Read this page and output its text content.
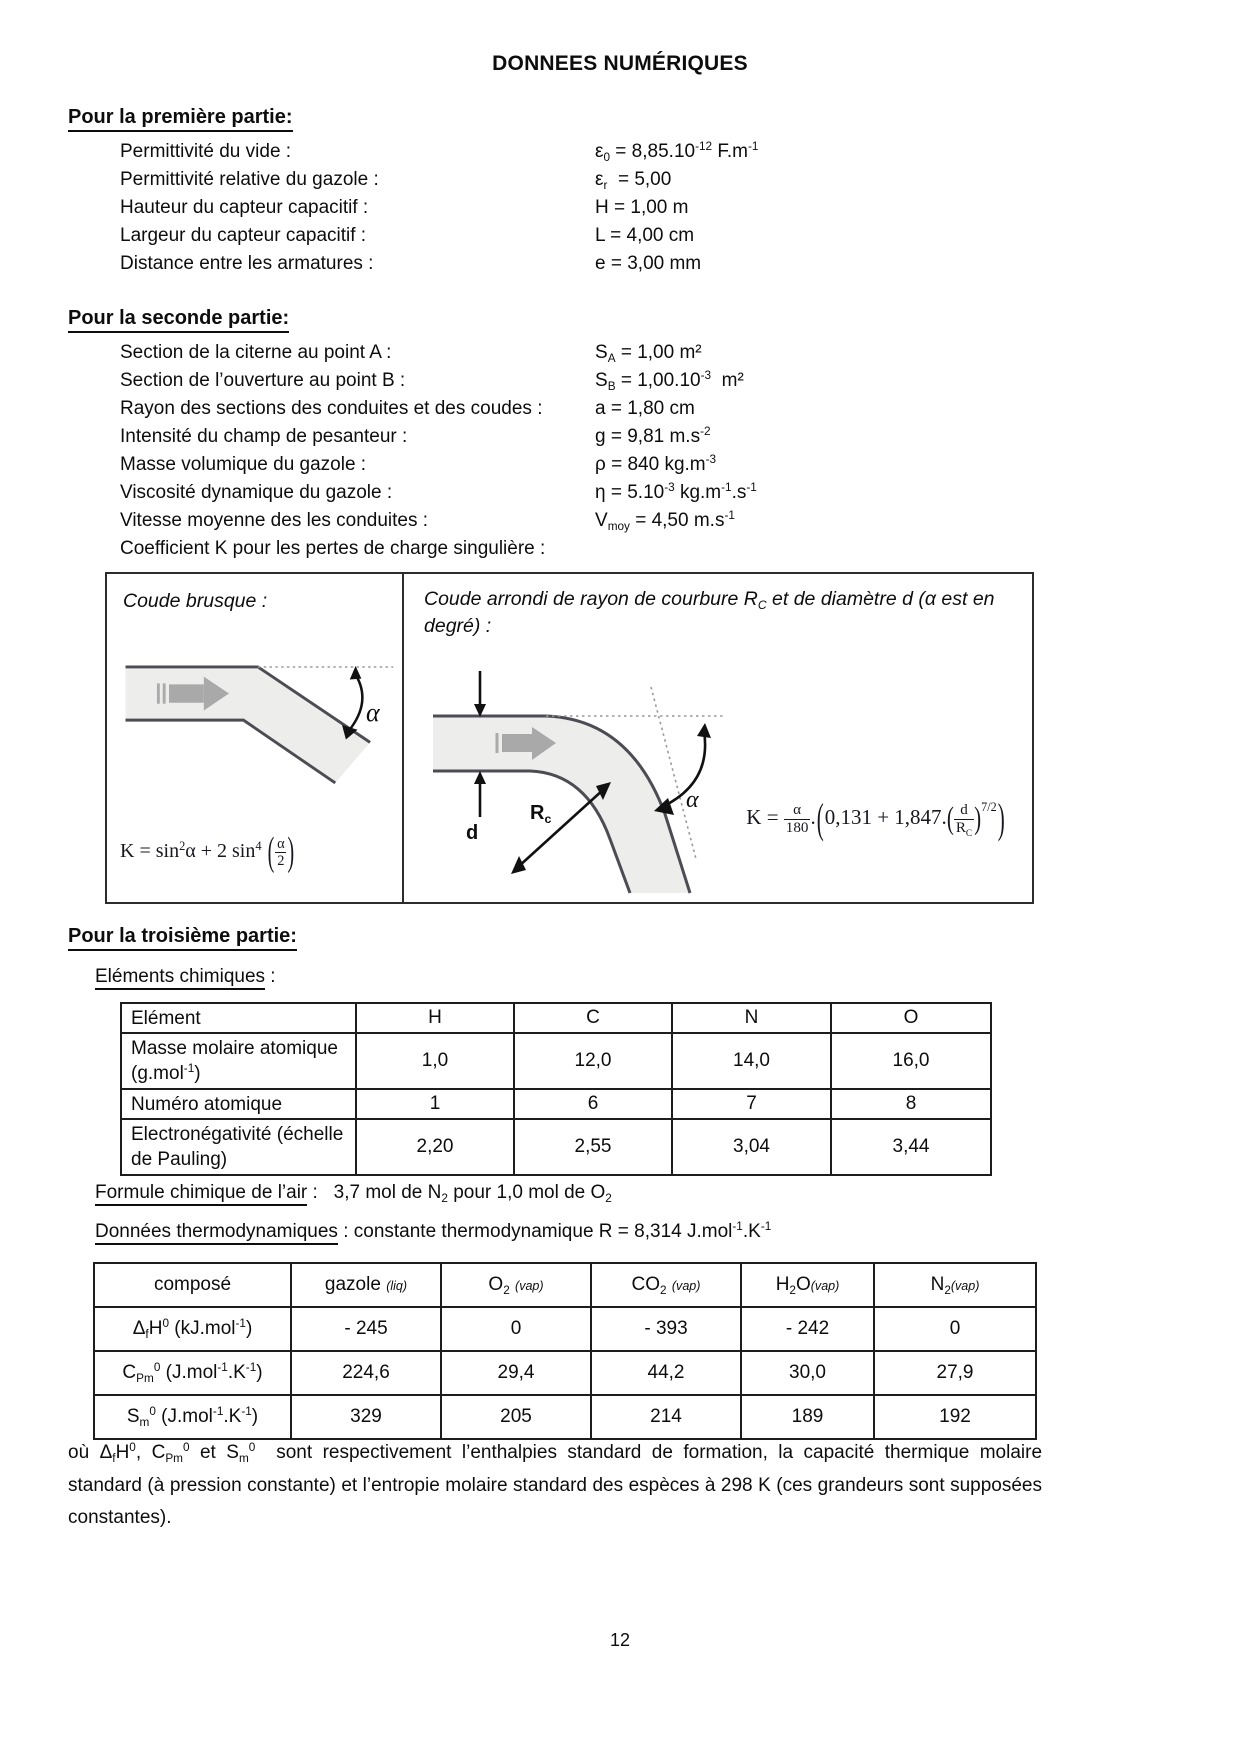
DONNEES NUMÉRIQUES
Pour la première partie:
Permittivité du vide :	$\varepsilon_0 = 8,85.10^{-12}$ $F.m^{-1}$
Permittivité relative du gazole :	$\varepsilon_r = 5,00$
Hauteur du capteur capacitif :	H = 1,00 m
Largeur du capteur capacitif :	L = 4,00 cm
Distance entre les armatures :	e = 3,00 mm
Pour la seconde partie:
Section de la citerne au point A :	$S_A = 1,00$ m²
Section de l’ouverture au point B :	$S_B = 1,00.10^{-3}$  m²
Rayon des sections des conduites et des coudes :	a = 1,80 cm
Intensité du champ de pesanteur :	g = 9,81 $m.s^{-2}$
Masse volumique du gazole :	ρ = 840 $kg.m^{-3}$
Viscosité dynamique du gazole :	$\eta = 5.10^{-3}$ $kg.m^{-1}.s^{-1}$
Vitesse moyenne des les conduites :	$V_{moy} = 4,50$ $m.s^{-1}$
Coefficient K pour les pertes de charge singulière :
Coude brusque :
α
$K = \sin^2\alpha + 2$ $\sin^4$ ( $\frac{\alpha}{2}$ )
Coude arrondi de rayon de courbure $R_C$ et de diamètre d (α est en degré) :
d
$R_c$
α
$K = \frac{\alpha}{180} .(0,131 + 1,847.( \frac{d}{R_C} )^{7/2})$
Pour la troisième partie:
Eléments chimiques :
Elément	H	C	N	O
Masse molaire atomique (g.mol$^{-1}$)	1,0	12,0	14,0	16,0
Numéro atomique	1	6	7	8
Electronégativité (échelle de Pauling)	2,20	2,55	3,04	3,44
Formule chimique de l’air :   3,7 mol de $N_2$ pour 1,0 mol de $O_2$
Données thermodynamiques : constante thermodynamique R = 8,314 $J.mol^{-1}.K^{-1}$
composé	gazole (liq)	$O_2$ (vap)	$CO_2$ (vap)	$H_2O(vap)$	$N_2(vap)$
$\Delta_fH^0$ (kJ.mol$^{-1}$)	- 245	0	- 393	- 242	0
$C_{Pm}^0$ $(J.mol^{-1}.K^{-1})$	224,6	29,4	44,2	30,0	27,9
$S_m^0$ $(J.mol^{-1}.K^{-1})$	329	205	214	189	192
où $\Delta_fH^0$, $C_{Pm}^0$ et $S_m^0$  sont respectivement l’enthalpies standard de formation, la capacité thermique molaire standard (à pression constante) et l’entropie molaire standard des espèces à 298 K (ces grandeurs sont supposées constantes).
12
